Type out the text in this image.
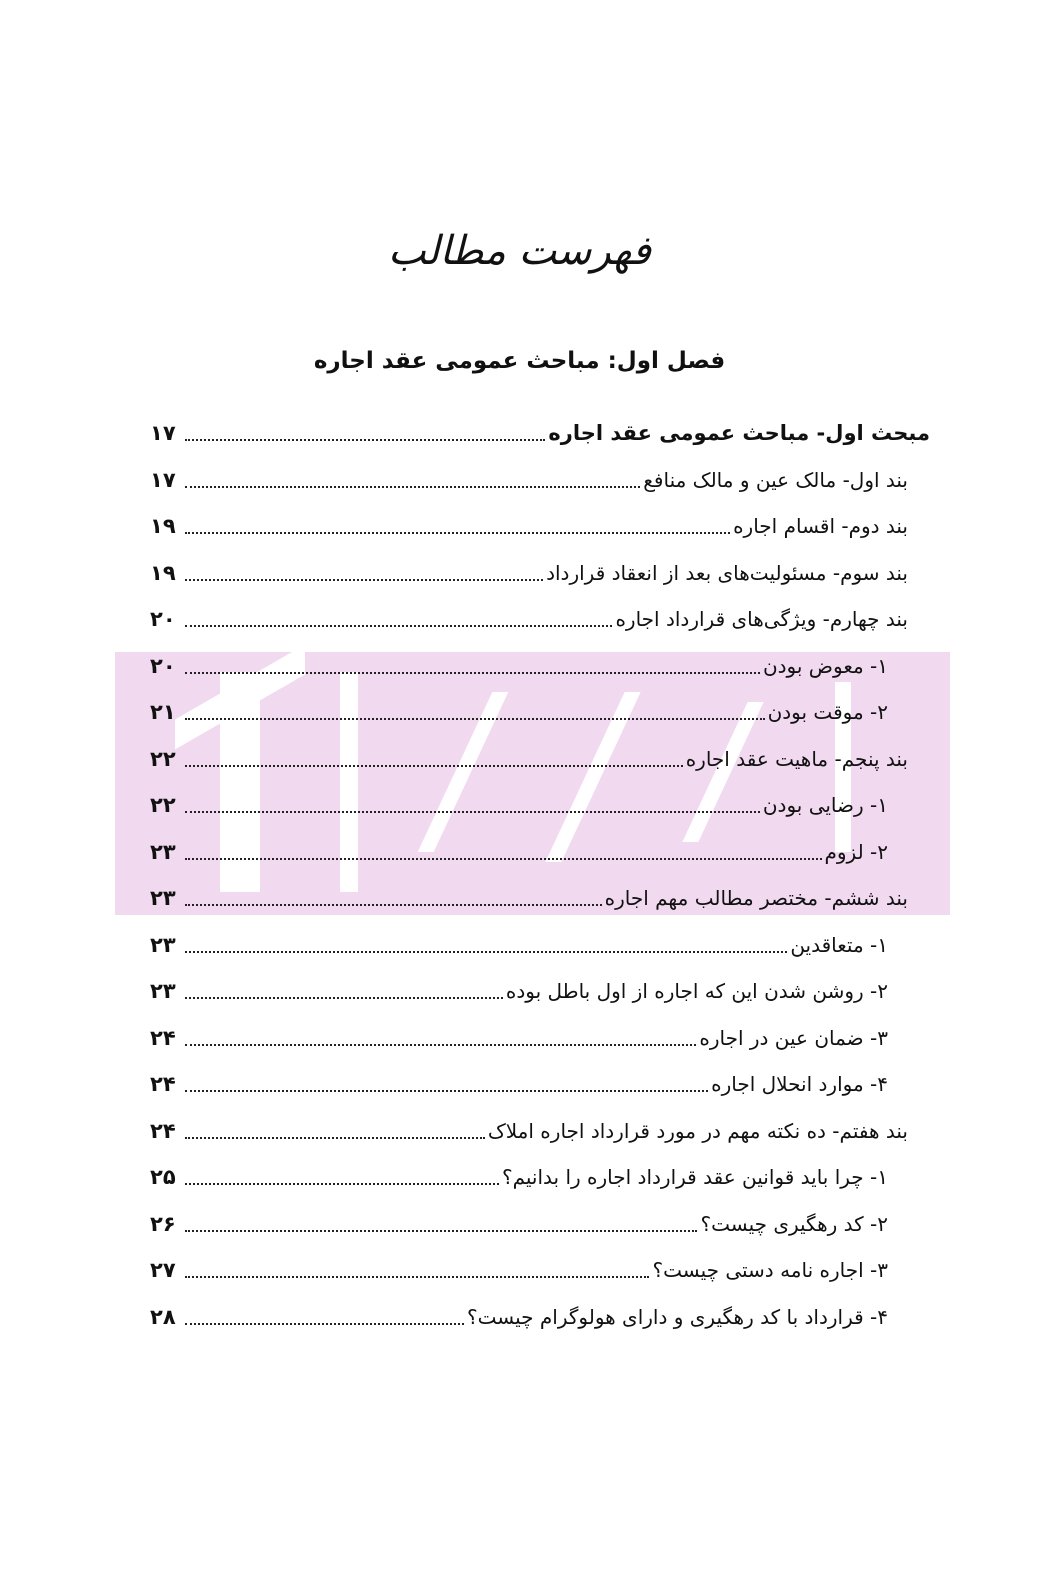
فهرست مطالب
فصل اول: مباحث عمومی عقد اجاره
مبحث اول- مباحث عمومی عقد اجاره
۱۷
بند اول- مالک عین و مالک منافع
۱۷
بند دوم- اقسام اجاره
۱۹
بند سوم- مسئولیت‌های بعد از انعقاد قرارداد
۱۹
بند چهارم- ویژگی‌های قرارداد اجاره
۲۰
۱- معوض بودن
۲۰
۲- موقت بودن
۲۱
بند پنجم- ماهیت عقد اجاره
۲۲
۱- رضایی بودن
۲۲
۲- لزوم
۲۳
بند ششم- مختصر مطالب مهم اجاره
۲۳
۱- متعاقدین
۲۳
۲- روشن شدن این که اجاره از اول باطل بوده
۲۳
۳- ضمان عین در اجاره
۲۴
۴- موارد انحلال اجاره
۲۴
بند هفتم- ده نکته مهم در مورد قرارداد اجاره املاک
۲۴
۱- چرا باید قوانین عقد قرارداد اجاره را بدانیم؟
۲۵
۲- کد رهگیری چیست؟
۲۶
۳- اجاره نامه دستی چیست؟
۲۷
۴- قرارداد با کد رهگیری و دارای هولوگرام چیست؟
۲۸
